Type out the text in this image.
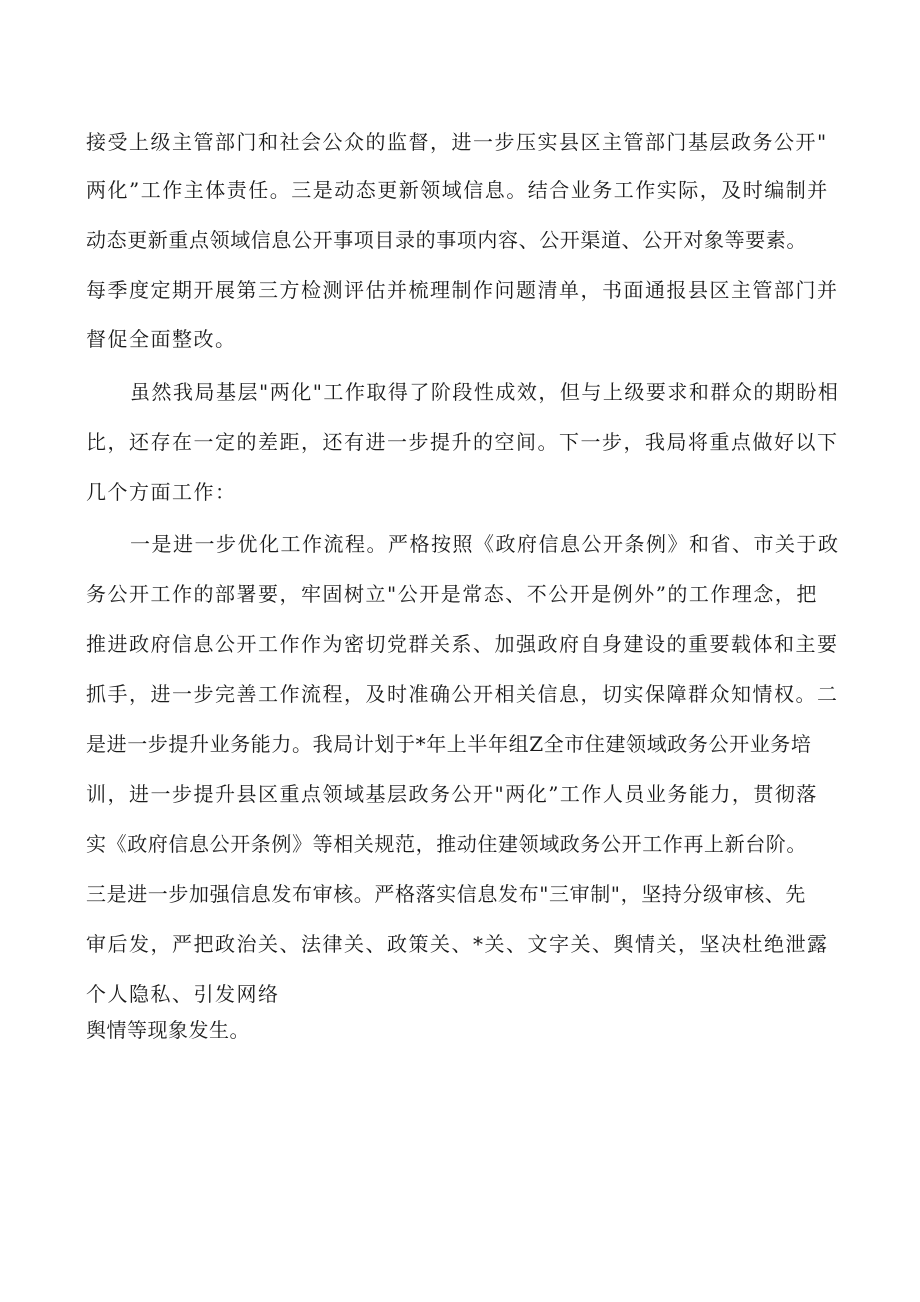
接受上级主管部门和社会公众的监督，进一步压实县区主管部门基层政务公开"
两化”工作主体责任。三是动态更新领域信息。结合业务工作实际，及时编制并
动态更新重点领域信息公开事项目录的事项内容、公开渠道、公开对象等要素。
每季度定期开展第三方检测评估并梳理制作问题清单，书面通报县区主管部门并
督促全面整改。
虽然我局基层"两化"工作取得了阶段性成效，但与上级要求和群众的期盼相
比，还存在一定的差距，还有进一步提升的空间。下一步，我局将重点做好以下
几个方面工作：
一是进一步优化工作流程。严格按照《政府信息公开条例》和省、市关于政
务公开工作的部署要，牢固树立"公开是常态、不公开是例外”的工作理念，把
推进政府信息公开工作作为密切党群关系、加强政府自身建设的重要载体和主要
抓手，进一步完善工作流程，及时准确公开相关信息，切实保障群众知情权。二
是进一步提升业务能力。我局计划于*年上半年组Z全市住建领域政务公开业务培
训，进一步提升县区重点领域基层政务公开"两化”工作人员业务能力，贯彻落
实《政府信息公开条例》等相关规范，推动住建领域政务公开工作再上新台阶。
三是进一步加强信息发布审核。严格落实信息发布"三审制"，坚持分级审核、先
审后发，严把政治关、法律关、政策关、*关、文字关、舆情关，坚决杜绝泄露
个人隐私、引发网络
舆情等现象发生。
